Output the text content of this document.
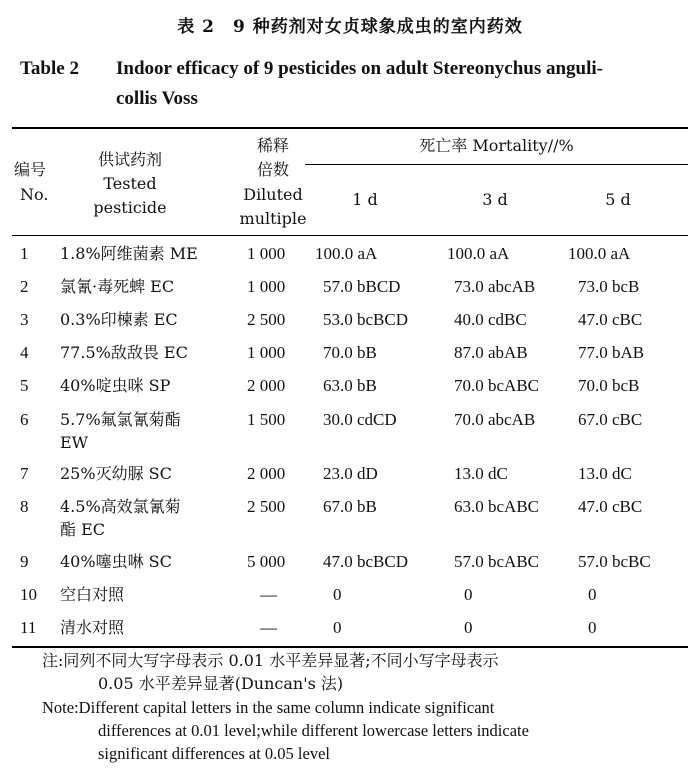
表 2　9 种药剂对女贞球象成虫的室内药效
Table 2 Indoor efficacy of 9 pesticides on adult Stereonychus anguli-
collis Voss
编号
No.
供试药剂
Tested
pesticide
稀释
倍数
Diluted
multiple
死亡率 Mortality//%
1 d	3 d	5 d
1 1.8%阿维菌素 ME	1 000 100.0 aA	100.0 aA	100.0 aA
2 氯氰·毒死蜱 EC	1 000 57.0 bBCD	73.0 abcAB	73.0 bcB
3 0.3%印楝素 EC	2 500 53.0 bcBCD	40.0 cdBC	47.0 cBC
4 77.5%敌敌畏 EC	1 000 70.0 bB	87.0 abAB	77.0 bAB
5 40%啶虫咪 SP	2 000 63.0 bB	70.0 bcABC 70.0 bcB
6 5.7%氟氯氰菊酯
EW
1 500 30.0 cdCD	70.0 abcAB	67.0 cBC
7 25%灭幼脲 SC	2 000 23.0 dD	13.0 dC	13.0 dC
8 4.5%高效氯氰菊
酯 EC
2 500 67.0 bB	63.0 bcABC 47.0 cBC
9 40%噻虫啉 SC	5 000 47.0 bcBCD	57.0 bcABC 57.0 bcBC
10 空白对照	—	0	0	0
11 清水对照	—	0	0	0
注:同列不同大写字母表示 0.01 水平差异显著;不同小写字母表示
0.05 水平差异显著(Duncan's 法)
Note:Different capital letters in the same column indicate significant
differences at 0.01 level;while different lowercase letters indicate
significant differences at 0.05 level
